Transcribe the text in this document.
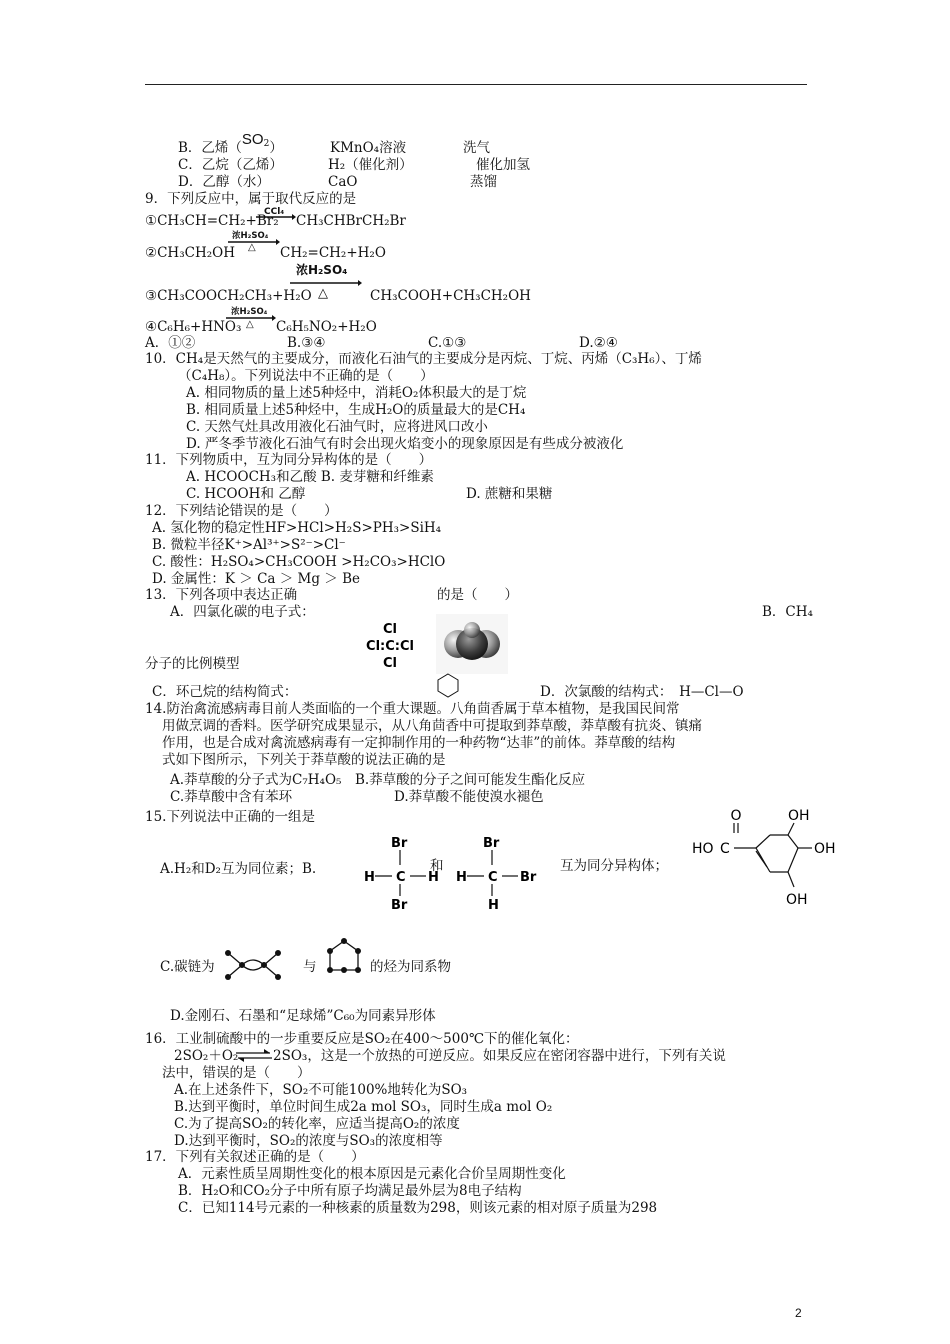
B．乙烯$(SO^2)$	KMnO₄溶液	洗气
C．乙烷（乙烯）	H₂（催化剂）	催化加氢
D．乙醇（水）	CaO	蒸馏
9．下列反应中，属于取代反应的是
①CH₃CH=CH₂+Br₂
CCl₄
CH₃CHBrCH₂Br
②CH₃CH₂OH
浓H₂SO₄
△ CH₂=CH₂+H₂O
浓H₂SO₄
△
③CH₃COOCH₂CH₃+H₂O	CH₃COOH+CH₃CH₂OH
④C₆H₆+HNO₃
浓H₂SO₄
△ C₆H₅NO₂+H₂O
A．①②	B.③④	C.①③	D.②④
10．CH₄是天然气的主要成分，而液化石油气的主要成分是丙烷、丁烷、丙烯（C₃H₆）、丁烯
（C₄H₈）。下列说法中不正确的是（　　）
A. 相同物质的量上述5种烃中，消耗O₂体积最大的是丁烷
B. 相同质量上述5种烃中，生成H₂O的质量最大的是CH₄
C. 天然气灶具改用液化石油气时，应将进风口改小
D. 严冬季节液化石油气有时会出现火焰变小的现象原因是有些成分被液化
11．下列物质中，互为同分异构体的是（　　）
A. HCOOCH₃和乙酸 B. 麦芽糖和纤维素
C. HCOOH和 乙醇	D. 蔗糖和果糖
12．下列结论错误的是（　　）
A. 氢化物的稳定性HF>HCl>H₂S>PH₃>SiH₄
B. 微粒半径K⁺>Al³⁺>S²⁻>Cl⁻
C. 酸性：H₂SO₄>CH₃COOH >H₂CO₃>HClO
D. 金属性：K ＞ Ca ＞ Mg ＞ Be
13．下列各项中表达正确	的是（　　）
A．四氯化碳的电子式：	B．CH₄
Cl
Cl:C:Cl
Cl
分子的比例模型
C．环己烷的结构简式：	D．次氯酸的结构式：　H—Cl—O
14.防治禽流感病毒目前人类面临的一个重大课题。八角茴香属于草本植物，是我国民间常
用做烹调的香料。医学研究成果显示，从八角茴香中可提取到莽草酸，莽草酸有抗炎、镇痛
作用，也是合成对禽流感病毒有一定抑制作用的一种药物“达菲”的前体。莽草酸的结构
式如下图所示，下列关于莽草酸的说法正确的是
A.莽草酸的分子式为C₇H₄O₅　B.莽草酸的分子之间可能发生酯化反应
C.莽草酸中含有苯环	D.莽草酸不能使溴水褪色
O
HO C
OH
OH
OH
15.下列说法中正确的一组是
A.H₂和D₂互为同位素；B.
Br
H C H
Br
和
Br
H C Br
H
互为同分异构体；
C.碳链为	与	的烃为同系物
D.金刚石、石墨和“足球烯”C₆₀为同素异形体
16．工业制硫酸中的一步重要反应是SO₂在400～500℃下的催化氧化：
2SO₂＋O₂ ⇌ 2SO₃，这是一个放热的可逆反应。如果反应在密闭容器中进行，下列有关说
法中，错误的是（　　）
A.在上述条件下，SO₂不可能100%地转化为SO₃
B.达到平衡时，单位时间生成2a mol SO₃，同时生成a mol O₂
C.为了提高SO₂的转化率，应适当提高O₂的浓度
D.达到平衡时，SO₂的浓度与SO₃的浓度相等
17．下列有关叙述正确的是（　　）
A．元素性质呈周期性变化的根本原因是元素化合价呈周期性变化
B．H₂O和CO₂分子中所有原子均满足最外层为8电子结构
C．已知114号元素的一种核素的质量数为298，则该元素的相对原子质量为298
2
